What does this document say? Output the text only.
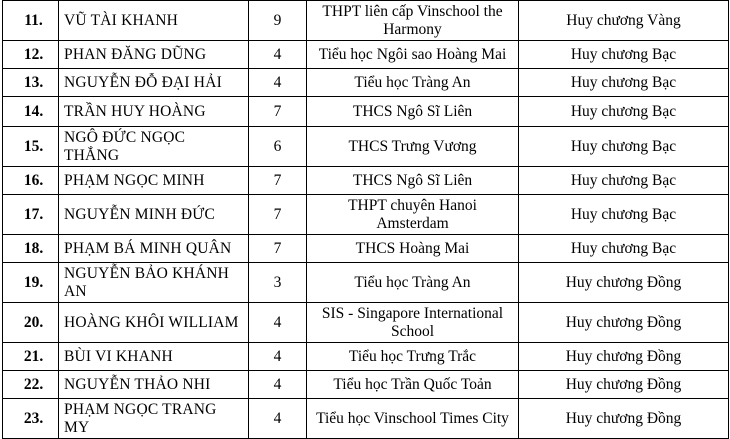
11.	VŨ TÀI KHANH	9	THPT liên cấp Vinschool the Harmony	Huy chương Vàng
12.	PHAN ĐĂNG DŨNG	4	Tiểu học Ngôi sao Hoàng Mai	Huy chương Bạc
13.	NGUYỄN ĐỖ ĐẠI HẢI	4	Tiểu học Tràng An	Huy chương Bạc
14.	TRẦN HUY HOÀNG	7	THCS Ngô Sĩ Liên	Huy chương Bạc
15.	NGÔ ĐỨC NGỌC THẮNG	6	THCS Trưng Vương	Huy chương Bạc
16.	PHẠM NGỌC MINH	7	THCS Ngô Sĩ Liên	Huy chương Bạc
17.	NGUYỄN MINH ĐỨC	7	THPT chuyên Hanoi Amsterdam	Huy chương Bạc
18.	PHẠM BÁ MINH QUÂN	7	THCS Hoàng Mai	Huy chương Bạc
19.	NGUYỄN BẢO KHÁNH AN	3	Tiểu học Tràng An	Huy chương Đồng
20.	HOÀNG KHÔI WILLIAM	4	SIS - Singapore International School	Huy chương Đồng
21.	BÙI VI KHANH	4	Tiểu học Trưng Trắc	Huy chương Đồng
22.	NGUYỄN THẢO NHI	4	Tiểu học Trần Quốc Toản	Huy chương Đồng
23.	PHẠM NGỌC TRANG MY	4	Tiểu học Vinschool Times City	Huy chương Đồng
